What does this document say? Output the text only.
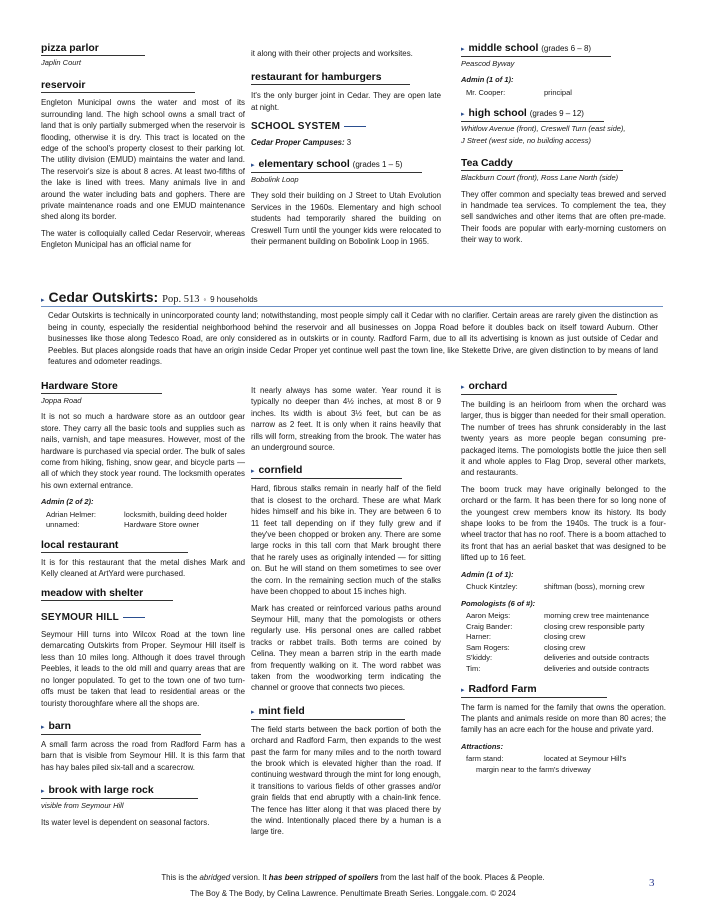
pizza parlor
Japlin Court
reservoir

Engleton Municipal owns the water and most of its surrounding land. The high school owns a small tract of land that is only partially submerged when the reservoir is flooding, otherwise it is dry. This tract is located on the edge of the school's property closest to their parking lot. The utility division (EMUD) maintains the water and land. The reservoir's size is about 8 acres. At least two-fifths of the lake is lined with trees. Many animals live in and around the water including bats and gophers. There are private maintenance roads and one EMUD maintenance shed along its border.

The water is colloquially called Cedar Reservoir, whereas Engleton Municipal has an official name for

it along with their other projects and worksites.

restaurant for hamburgers

It's the only burger joint in Cedar. They are open late at night.

SCHOOL SYSTEM
Cedar Proper Campuses: 3
▸ elementary school (grades 1 – 5)
Bobolink Loop

They sold their building on J Street to Utah Evolution Services in the 1960s. Elementary and high school students had temporarily shared the building on Creswell Turn until the younger kids were relocated to their permanent building on Bobolink Loop in 1965.

▸ middle school (grades 6 – 8)
Peascod Byway
Admin (1 of 1):
Mr. Cooper:	principal
▸ high school (grades 9 – 12)
Whitlow Avenue (front), Creswell Turn (east side),
J Street (west side, no building access)
Tea Caddy
Blackburn Court (front), Ross Lane North (side)

They offer common and specialty teas brewed and served in handmade tea services. To complement the tea, they sell sandwiches and other items that are often pre-made. Their foods are popular with early-morning customers on their way to work.

▸ Cedar Outskirts: Pop. 513 ◦ 9 households
Cedar Outskirts is technically in unincorporated county land; notwithstanding, most people simply call it Cedar with no clarifier. Certain areas are rarely given the distinction as being in county, especially the residential neighborhood behind the reservoir and all businesses on Joppa Road before it doubles back on itself toward Auburn. Other businesses like those along Tedesco Road, are only considered as in outskirts or in county. Radford Farm, due to all its advertising is known as just outside of Cedar and Peebles. But places alongside roads that have an origin inside Cedar Proper yet continue well past the town line, like Stekette Drive, are given distinction to by means of land features and odometer readings.
Hardware Store
Joppa Road

It is not so much a hardware store as an outdoor gear store. They carry all the basic tools and supplies such as nails, varnish, and tape measures. However, most of the hardware is purchased via special order. The bulk of sales come from hiking, fishing, snow gear, and bicycle parts — all of which they stock year round. The locksmith operates his own external entrance.

Admin (2 of 2):
Adrian Helmer:	locksmith, building deed holder
unnamed:	Hardware Store owner
local restaurant

It is for this restaurant that the metal dishes Mark and Kelly cleaned at ArtYard were purchased.

meadow with shelter
SEYMOUR HILL

Seymour Hill turns into Wilcox Road at the town line demarcating Outskirts from Proper. Seymour Hill itself is less than 10 miles long. Although it does travel through Peebles, it leads to the old mill and quarry areas that are no longer populated. To get to the town one of two turn-offs must be taken that lead to residential areas or the touristy thoroughfare where all the shops are.

▸ barn

A small farm across the road from Radford Farm has a barn that is visible from Seymour Hill. It is this farm that has hay bales piled six-tall and a scarecrow.

▸ brook with large rock
visible from Seymour Hill

Its water level is dependent on seasonal factors.

It nearly always has some water. Year round it is typically no deeper than 4½ inches, at most 8 or 9 inches. Its width is about 3½ feet, but can be as narrow as 2 feet. It is only when it rains heavily that rills will form, streaking from the brook. The water has an underground source.

▸ cornfield

Hard, fibrous stalks remain in nearly half of the field that is closest to the orchard. These are what Mark hides himself and his bike in. They are between 6 to 11 feet tall depending on if they fully grew and if they've been chopped or broken any. There are some large rocks in this tall corn that Mark brought there that he rarely uses as originally intended — for sitting on. But he will stand on them sometimes to see over the corn. In the remaining section much of the stalks have been chopped to about 15 inches high.

Mark has created or reinforced various paths around Seymour Hill, many that the pomologists or others regularly use. His personal ones are called rabbet tracks or rabbet trails. Both terms are coined by Celina. They mean a barren strip in the earth made from frequently walking on it. The word rabbet was taken from the woodworking term indicating the channel or groove that connects two pieces.

▸ mint field

The field starts between the back portion of both the orchard and Radford Farm, then expands to the west past the farm for many miles and to the north toward the brook which is elevated higher than the road. If continuing westward through the mint for long enough, it transitions to various fields of other grasses and/or grain fields that end abruptly with a chain-link fence. The fence has litter along it that was placed there by the wind. Intentionally placed there by a human is a large tire.

▸ orchard

The building is an heirloom from when the orchard was larger, thus is bigger than needed for their small operation. The number of trees has shrunk considerably in the last twenty years as more people began consuming pre-packaged items. The pomologists bottle the juice then sell it and whole apples to Flag Drop, several other markets, and restaurants.

The boom truck may have originally belonged to the orchard or the farm. It has been there for so long none of the youngest crew members know its history. Its body shape looks to be from the 1940s. The truck is a four-wheel tractor that has no roof. There is a boom attached to its front that has an aerial basket that was designed to be lifted up to 16 feet.

Admin (1 of 1):
Chuck Kintzley:	shiftman (boss), morning crew
Pomologists (6 of #):
Aaron Meigs:	morning crew tree maintenance
Craig Bander:	closing crew responsible party
Harner:	closing crew
Sam Rogers:	closing crew
S'kiddy:	deliveries and outside contracts
Tim:	deliveries and outside contracts
▸ Radford Farm

The farm is named for the family that owns the operation. The plants and animals reside on more than 80 acres; the family has an acre each for the house and private yard.

Attractions:
farm stand:	located at Seymour Hill's
margin near to the farm's driveway
This is the abridged version. It has been stripped of spoilers from the last half of the book. Places & People.
The Boy & The Body, by Celina Lawrence. Penultimate Breath Series. Longgale.com. © 2024
3
